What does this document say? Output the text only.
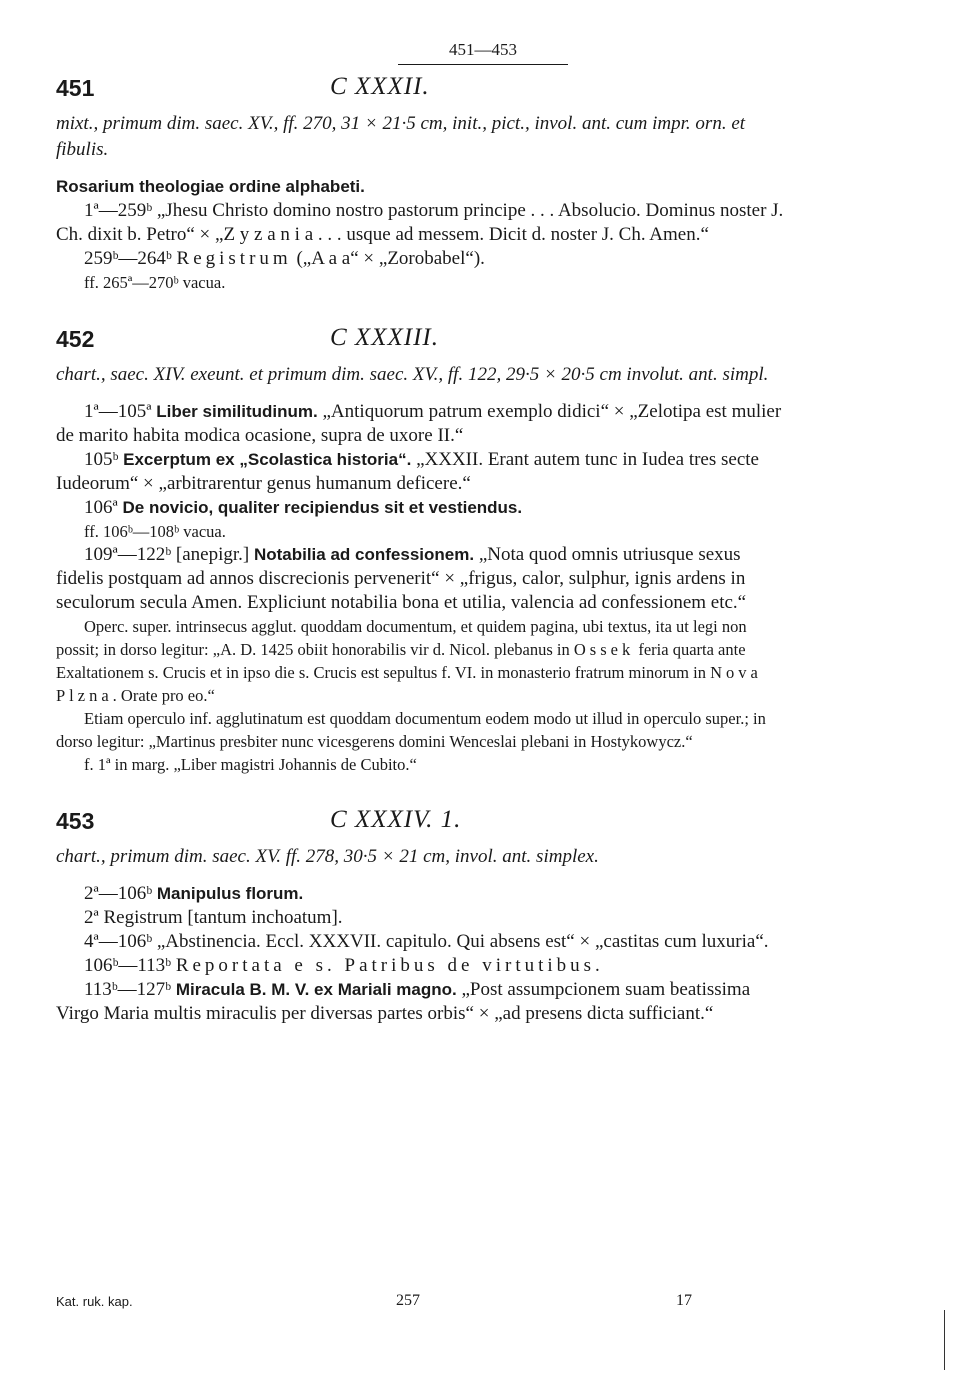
451—453
451	C XXXII.

mixt., primum dim. saec. XV., ff. 270, 31 × 21·5 cm, init., pict., invol. ant. cum impr. orn. et fibulis.

Rosarium theologiae ordine alphabeti.

1ª—259ᵇ „Jhesu Christo domino nostro pastorum principe . . . Absolucio. Dominus noster J. Ch. dixit b. Petro“ × „Z y z a n i a . . . usque ad messem. Dicit d. noster J. Ch. Amen.“

259ᵇ—264ᵇ Registrum („A a a“ × „Zorobabel“).

ff. 265ª—270ᵇ vacua.

452	C XXXIII.

chart., saec. XIV. exeunt. et primum dim. saec. XV., ff. 122, 29·5 × 20·5 cm involut. ant. simpl.

1ª—105ª Liber similitudinum. „Antiquorum patrum exemplo didici“ × „Zelotipa est mulier de marito habita modica ocasione, supra de uxore II.“

105ᵇ Excerptum ex „Scolastica historia“. „XXXII. Erant autem tunc in Iudea tres secte Iudeorum“ × „arbitrarentur genus humanum deficere.“

106ª De novicio, qualiter recipiendus sit et vestiendus.

ff. 106ᵇ—108ᵇ vacua.

109ª—122ᵇ [anepigr.] Notabilia ad confessionem. „Nota quod omnis utriusque sexus fidelis postquam ad annos discrecionis pervenerit“ × „frigus, calor, sulphur, ignis ardens in seculorum secula Amen. Expliciunt notabilia bona et utilia, valencia ad confessionem etc.“

Operc. super. intrinsecus agglut. quoddam documentum, et quidem pagina, ubi textus, ita ut legi non possit; in dorso legitur: „A. D. 1425 obiit honorabilis vir d. Nicol. plebanus in Ossek feria quarta ante Exaltationem s. Crucis et in ipso die s. Crucis est sepultus f. VI. in monasterio fratrum minorum in Nova Plzna. Orate pro eo.“

Etiam operculo inf. agglutinatum est quoddam documentum eodem modo ut illud in operculo super.; in dorso legitur: „Martinus presbiter nunc vicesgerens domini Wenceslai plebani in Hostykowycz.“

f. 1ª in marg. „Liber magistri Johannis de Cubito.“

453	C XXXIV. 1.

chart., primum dim. saec. XV. ff. 278, 30·5 × 21 cm, invol. ant. simplex.

2ª—106ᵇ Manipulus florum.

2ª Registrum [tantum inchoatum].

4ª—106ᵇ „Abstinencia. Eccl. XXXVII. capitulo. Qui absens est“ × „castitas cum luxuria“.

106ᵇ—113ᵇ Reportata e s. Patribus de virtutibus.

113ᵇ—127ᵇ Miracula B. M. V. ex Mariali magno. „Post assumpcionem suam beatissima Virgo Maria multis miraculis per diversas partes orbis“ × „ad presens dicta sufficiant.“

Kat. ruk. kap.	257	17
